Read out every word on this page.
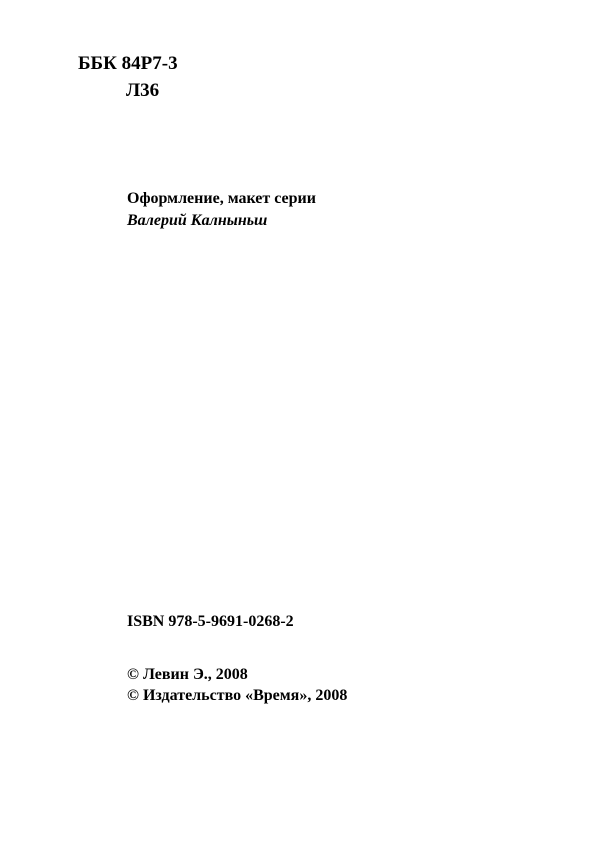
ББК 84Р7-3
Л36
Оформление, макет серии
Валерий Калныньш
ISBN 978-5-9691-0268-2
© Левин Э., 2008
© Издательство «Время», 2008
